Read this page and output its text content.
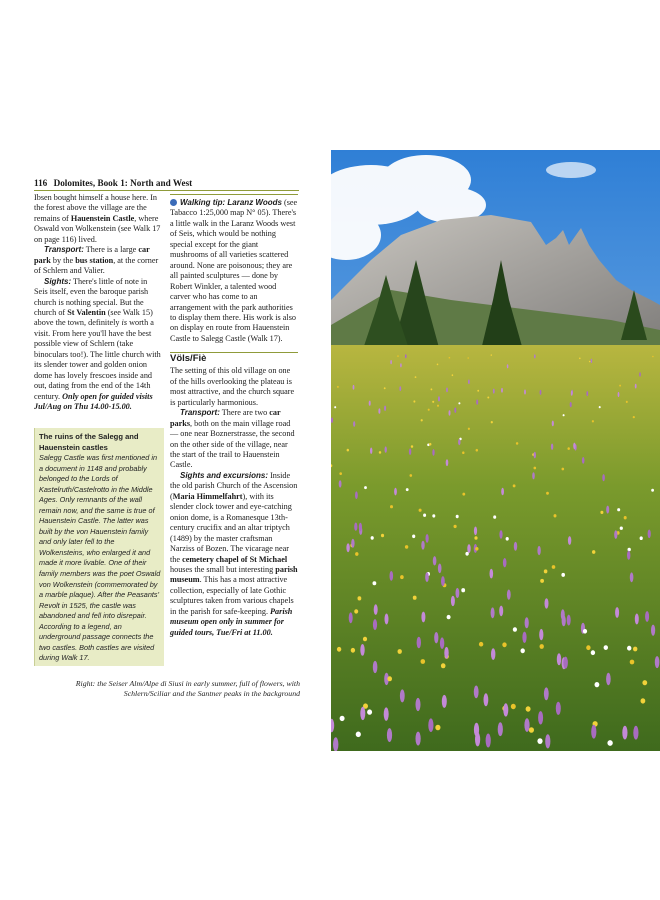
116 Dolomites, Book 1: North and West

Ibsen bought himself a house here. In the forest above the village are the remains of Hauenstein Castle, where Oswald von Wolkenstein (see Walk 17 on page 116) lived.

Transport: There is a large car park by the bus station, at the corner of Schlern and Valier.

Sights: There's little of note in Seis itself, even the baroque parish church is nothing special. But the church of St Valentin (see Walk 15) above the town, definitely is worth a visit. From here you'll have the best possible view of Schlern (take binoculars too!). The little church with its slender tower and golden onion dome has lovely frescoes inside and out, dating from the end of the 14th century. Only open for guided visits Jul/Aug on Thu 14.00-15.00.

The ruins of the Salegg and Hauenstein castles
Salegg Castle was first mentioned in a document in 1148 and probably belonged to the Lords of Kastelruth/Castelrotto in the Middle Ages. Only remnants of the wall remain now, and the same is true of Hauenstein Castle. The latter was built by the von Hauenstein family and only later fell to the Wolkensteins, who enlarged it and made it more livable. One of their family members was the poet Oswald von Wolkenstein (commemorated by a marble plaque). After the Peasants' Revolt in 1525, the castle was abandoned and fell into disrepair. According to a legend, an underground passage connects the two castles. Both castles are visited during Walk 17.

Walking tip: Laranz Woods (see Tabacco 1:25,000 map N° 05). There's a little walk in the Laranz Woods west of Seis, which would be nothing special except for the giant mushrooms of all varieties scattered around. None are poisonous; they are all painted sculptures — done by Robert Winkler, a talented wood carver who has come to an arrangement with the park authorities to display them there. His work is also on display en route from Hauenstein Castle to Salegg Castle (Walk 17).

Völs/Fiè

The setting of this old village on one of the hills overlooking the plateau is most attractive, and the church square is particularly harmonious.

Transport: There are two car parks, both on the main village road — one near Boznerstrasse, the second on the other side of the village, near the start of the trail to Hauenstein Castle.

Sights and excursions: Inside the old parish Church of the Ascension (Maria Himmelfahrt), with its slender clock tower and eye-catching onion dome, is a Romanesque 13th-century crucifix and an altar triptych (1489) by the master craftsman Narziss of Bozen. The vicarage near the cemetery chapel of St Michael houses the small but interesting parish museum. This has a most attractive collection, especially of late Gothic sculptures taken from various chapels in the parish for safe-keeping. Parish museum open only in summer for guided tours, Tue/Fri at 11.00.

Right: the Seiser Alm/Alpe di Siusi in early summer, full of flowers, with Schlern/Sciliar and the Santner peaks in the background
